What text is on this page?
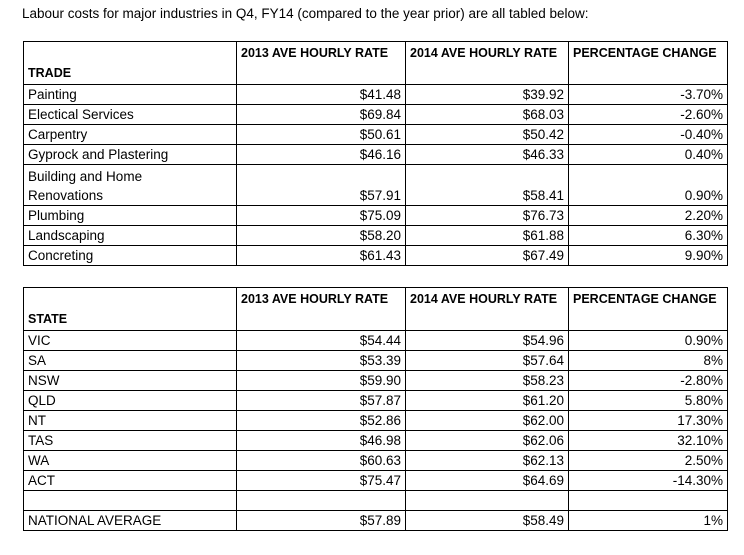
Labour costs for major industries in Q4, FY14 (compared to the year prior) are all tabled below:
TRADE	2013 AVE HOURLY RATE	2014 AVE HOURLY RATE	PERCENTAGE CHANGE
Painting	$41.48	$39.92	-3.70%
Electical Services	$69.84	$68.03	-2.60%
Carpentry	$50.61	$50.42	-0.40%
Gyprock and Plastering	$46.16	$46.33	0.40%
Building and Home Renovations	$57.91	$58.41	0.90%
Plumbing	$75.09	$76.73	2.20%
Landscaping	$58.20	$61.88	6.30%
Concreting	$61.43	$67.49	9.90%
STATE	2013 AVE HOURLY RATE	2014 AVE HOURLY RATE	PERCENTAGE CHANGE
VIC	$54.44	$54.96	0.90%
SA	$53.39	$57.64	8%
NSW	$59.90	$58.23	-2.80%
QLD	$57.87	$61.20	5.80%
NT	$52.86	$62.00	17.30%
TAS	$46.98	$62.06	32.10%
WA	$60.63	$62.13	2.50%
ACT	$75.47	$64.69	-14.30%

NATIONAL AVERAGE	$57.89	$58.49	1%
